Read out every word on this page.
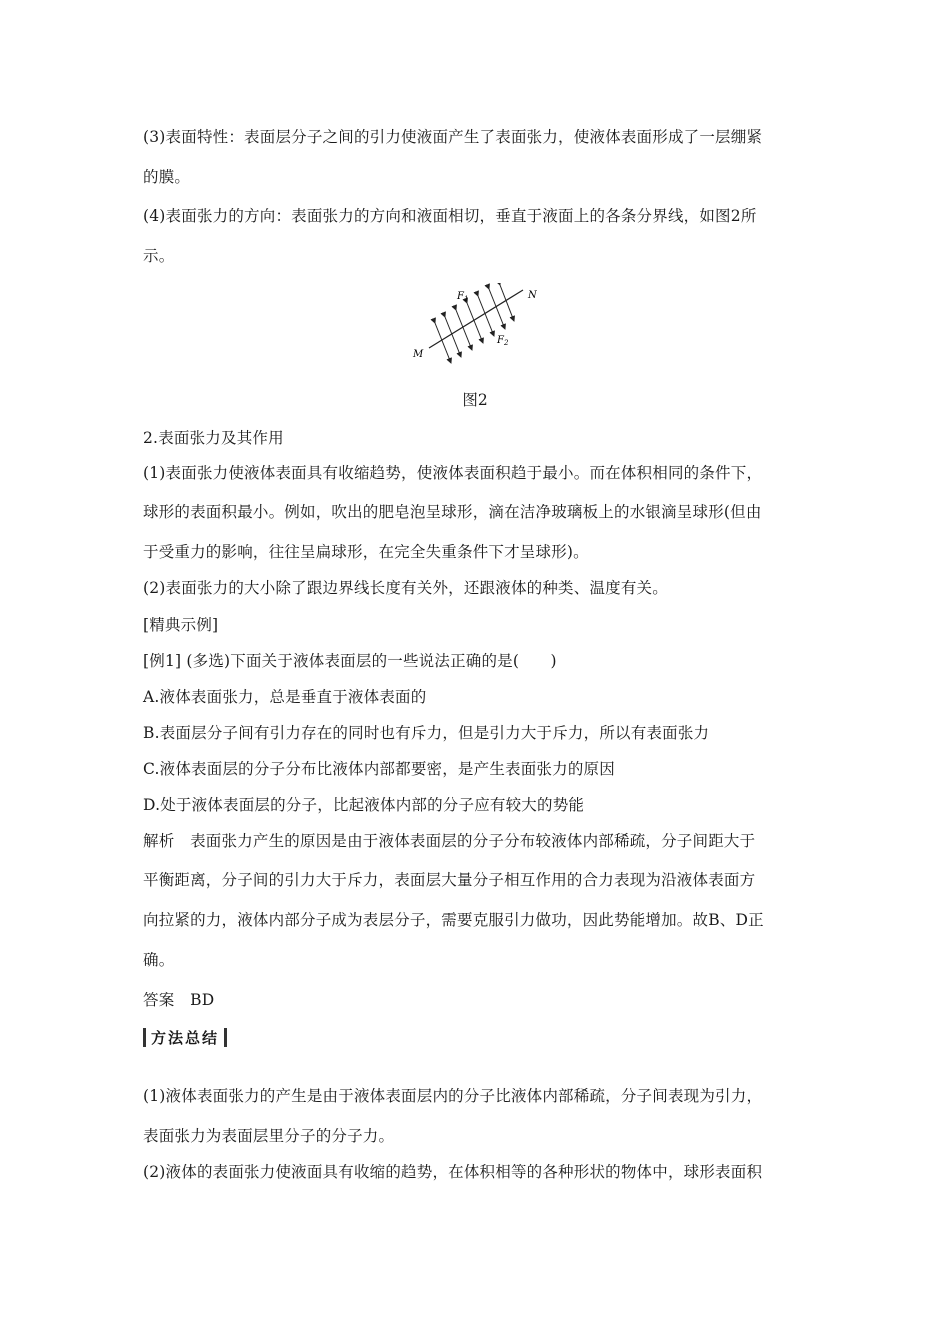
(3)表面特性：表面层分子之间的引力使液面产生了表面张力，使液体表面形成了一层绷紧
的膜。
(4)表面张力的方向：表面张力的方向和液面相切，垂直于液面上的各条分界线，如图2所
示。
$F_1$
$F_2$
M
N
图2
2.表面张力及其作用
(1)表面张力使液体表面具有收缩趋势，使液体表面积趋于最小。而在体积相同的条件下，
球形的表面积最小。例如，吹出的肥皂泡呈球形，滴在洁净玻璃板上的水银滴呈球形(但由
于受重力的影响，往往呈扁球形，在完全失重条件下才呈球形)。
(2)表面张力的大小除了跟边界线长度有关外，还跟液体的种类、温度有关。
[精典示例]
[例1] (多选)下面关于液体表面层的一些说法正确的是(　　)
A.液体表面张力，总是垂直于液体表面的
B.表面层分子间有引力存在的同时也有斥力，但是引力大于斥力，所以有表面张力
C.液体表面层的分子分布比液体内部都要密，是产生表面张力的原因
D.处于液体表面层的分子，比起液体内部的分子应有较大的势能
解析　表面张力产生的原因是由于液体表面层的分子分布较液体内部稀疏，分子间距大于
平衡距离，分子间的引力大于斥力，表面层大量分子相互作用的合力表现为沿液体表面方
向拉紧的力，液体内部分子成为表层分子，需要克服引力做功，因此势能增加。故B、D正
确。
答案　BD
方法总结
(1)液体表面张力的产生是由于液体表面层内的分子比液体内部稀疏，分子间表现为引力，
表面张力为表面层里分子的分子力。
(2)液体的表面张力使液面具有收缩的趋势，在体积相等的各种形状的物体中，球形表面积
